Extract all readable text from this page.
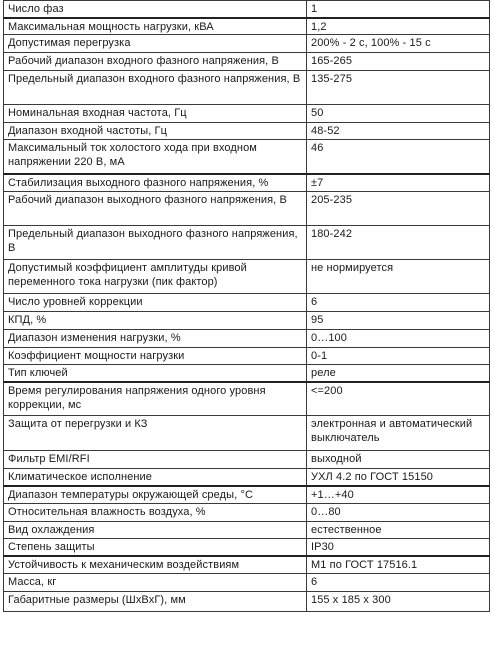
Число фаз	1
Максимальная мощность нагрузки, кВА	1,2
Допустимая перегрузка	200% - 2 с, 100% - 15 с
Рабочий диапазон входного фазного напряжения, В	165-265
Предельный диапазон входного фазного напряжения, В	135-275
Номинальная входная частота, Гц	50
Диапазон входной частоты, Гц	48-52
Максимальный ток холостого хода при входном напряжении 220 В, мА	46
Стабилизация выходного фазного напряжения, %	±7
Рабочий диапазон выходного фазного напряжения, В	205-235
Предельный диапазон выходного фазного напряжения, В	180-242
Допустимый коэффициент амплитуды кривой переменного тока нагрузки (пик фактор)	не нормируется
Число уровней коррекции	6
КПД, %	95
Диапазон изменения нагрузки, %	0…100
Коэффициент мощности нагрузки	0-1
Тип ключей	реле
Время регулирования напряжения одного уровня коррекции, мс	<=200
Защита от перегрузки и КЗ	электронная и автоматический выключатель
Фильтр EMI/RFI	выходной
Климатическое исполнение	УХЛ 4.2 по ГОСТ 15150
Диапазон температуры окружающей среды, °С	+1…+40
Относительная влажность воздуха, %	0…80
Вид охлаждения	естественное
Степень защиты	IP30
Устойчивость к механическим воздействиям	М1 по ГОСТ 17516.1
Масса, кг	6
Габаритные размеры (ШхВхГ), мм	155 х 185 х 300
